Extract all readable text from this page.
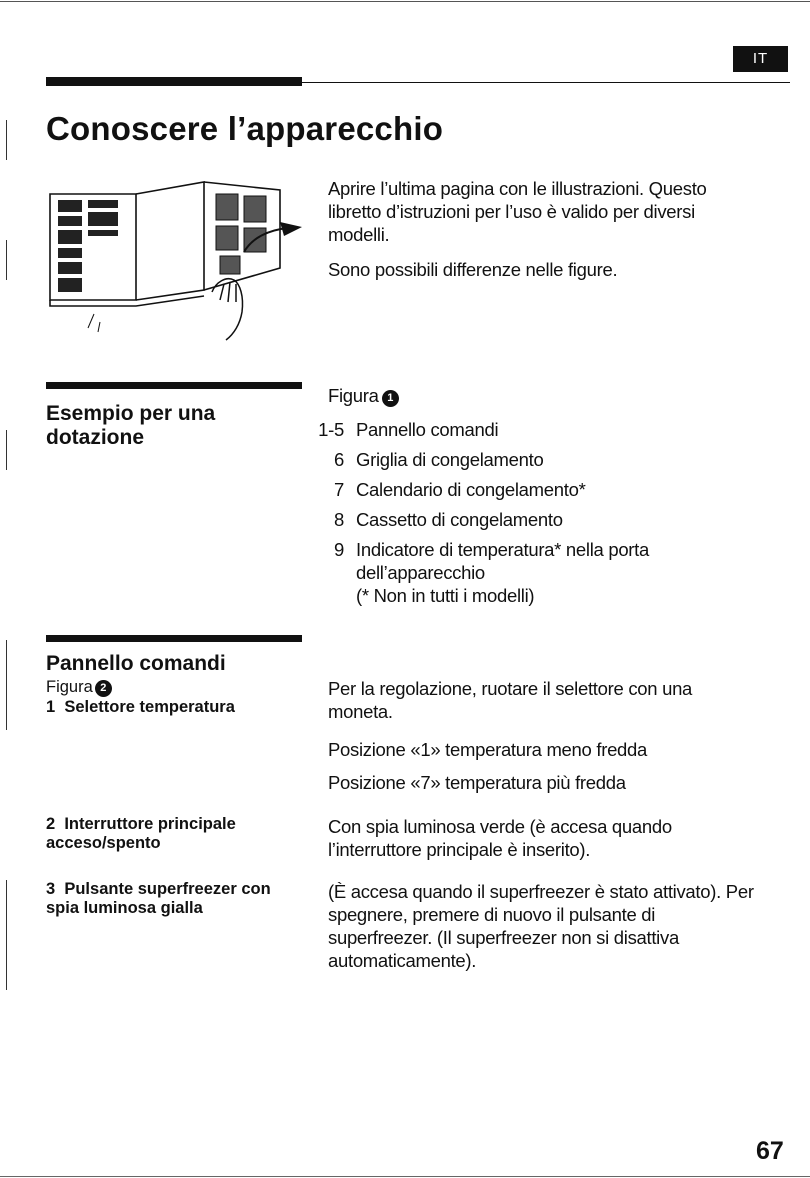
IT
Conoscere l’apparecchio
Aprire l’ultima pagina con le illustrazioni. Questo libretto d’istruzioni per l’uso è valido per diversi modelli.
Sono possibili differenze nelle figure.
Esempio per una dotazione
Figura 1
1-5 Pannello comandi
6 Griglia di congelamento
7 Calendario di congelamento*
8 Cassetto di congelamento
9 Indicatore di temperatura* nella porta dell’apparecchio
(* Non in tutti i modelli)
Pannello comandi
Figura 2
1  Selettore temperatura
Per la regolazione, ruotare il selettore con una moneta.
Posizione «1» temperatura meno fredda
Posizione «7» temperatura più fredda
2  Interruttore principale acceso/spento
Con spia luminosa verde (è accesa quando l’interruttore principale è inserito).
3  Pulsante superfreezer con spia luminosa gialla
(È accesa quando il superfreezer è stato attivato). Per spegnere, premere di nuovo il pulsante di superfreezer. (Il superfreezer non si disattiva automaticamente).
67
